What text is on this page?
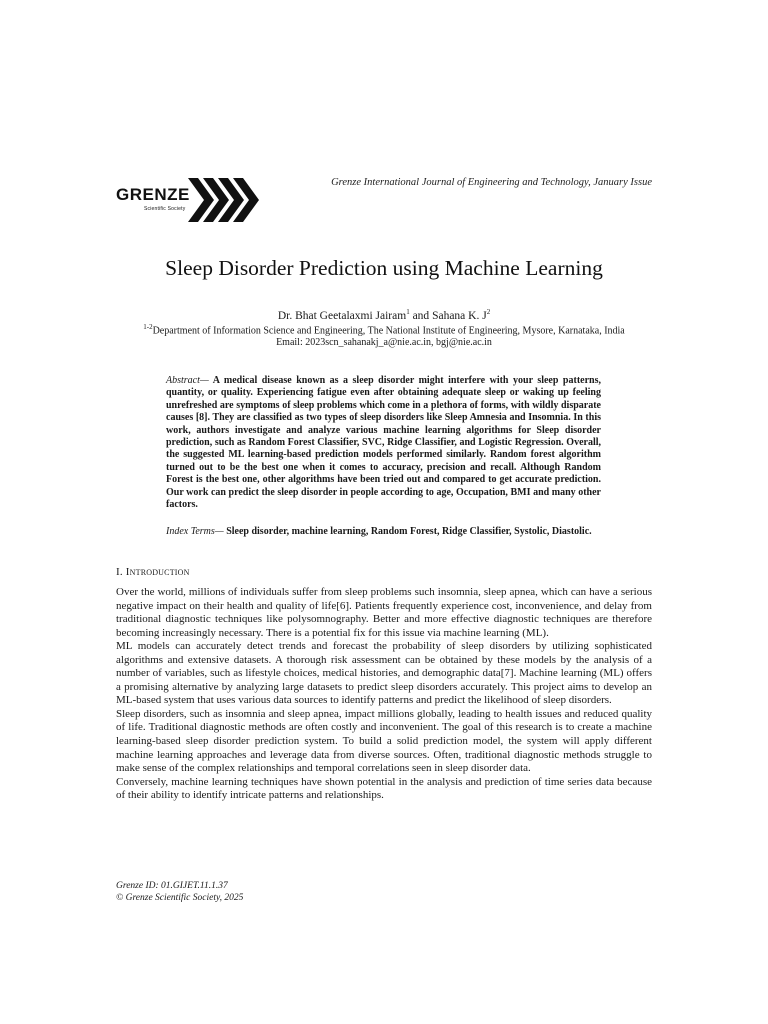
GRENZE
Scientific Society
Grenze International Journal of Engineering and Technology, January Issue
Sleep Disorder Prediction using Machine Learning
Dr. Bhat Geetalaxmi Jairam$^1$ and Sahana K. $J^2$
$^{1-2}$Department of Information Science and Engineering, The National Institute of Engineering, Mysore, Karnataka, India
Email: 2023scn_sahanakj_a@nie.ac.in, bgj@nie.ac.in
Abstract— A medical disease known as a sleep disorder might interfere with your sleep patterns, quantity, or quality. Experiencing fatigue even after obtaining adequate sleep or waking up feeling unrefreshed are symptoms of sleep problems which come in a plethora of forms, with wildly disparate causes [8]. They are classified as two types of sleep disorders like Sleep Amnesia and Insomnia. In this work, authors investigate and analyze various machine learning algorithms for Sleep disorder prediction, such as Random Forest Classifier, SVC, Ridge Classifier, and Logistic Regression. Overall, the suggested ML learning-based prediction models performed similarly. Random forest algorithm turned out to be the best one when it comes to accuracy, precision and recall. Although Random Forest is the best one, other algorithms have been tried out and compared to get accurate prediction. Our work can predict the sleep disorder in people according to age, Occupation, BMI and many other factors.
Index Terms— Sleep disorder, machine learning, Random Forest, Ridge Classifier, Systolic, Diastolic.
I. Introduction

Over the world, millions of individuals suffer from sleep problems such insomnia, sleep apnea, which can have a serious negative impact on their health and quality of life[6]. Patients frequently experience cost, inconvenience, and delay from traditional diagnostic techniques like polysomnography. Better and more effective diagnostic techniques are therefore becoming increasingly necessary. There is a potential fix for this issue via machine learning (ML).

ML models can accurately detect trends and forecast the probability of sleep disorders by utilizing sophisticated algorithms and extensive datasets. A thorough risk assessment can be obtained by these models by the analysis of a number of variables, such as lifestyle choices, medical histories, and demographic data[7]. Machine learning (ML) offers a promising alternative by analyzing large datasets to predict sleep disorders accurately. This project aims to develop an ML-based system that uses various data sources to identify patterns and predict the likelihood of sleep disorders.

Sleep disorders, such as insomnia and sleep apnea, impact millions globally, leading to health issues and reduced quality of life. Traditional diagnostic methods are often costly and inconvenient. The goal of this research is to create a machine learning-based sleep disorder prediction system. To build a solid prediction model, the system will apply different machine learning approaches and leverage data from diverse sources. Often, traditional diagnostic methods struggle to make sense of the complex relationships and temporal correlations seen in sleep disorder data.

Conversely, machine learning techniques have shown potential in the analysis and prediction of time series data because of their ability to identify intricate patterns and relationships.

Grenze ID: 01.GIJET.11.1.37
© Grenze Scientific Society, 2025
